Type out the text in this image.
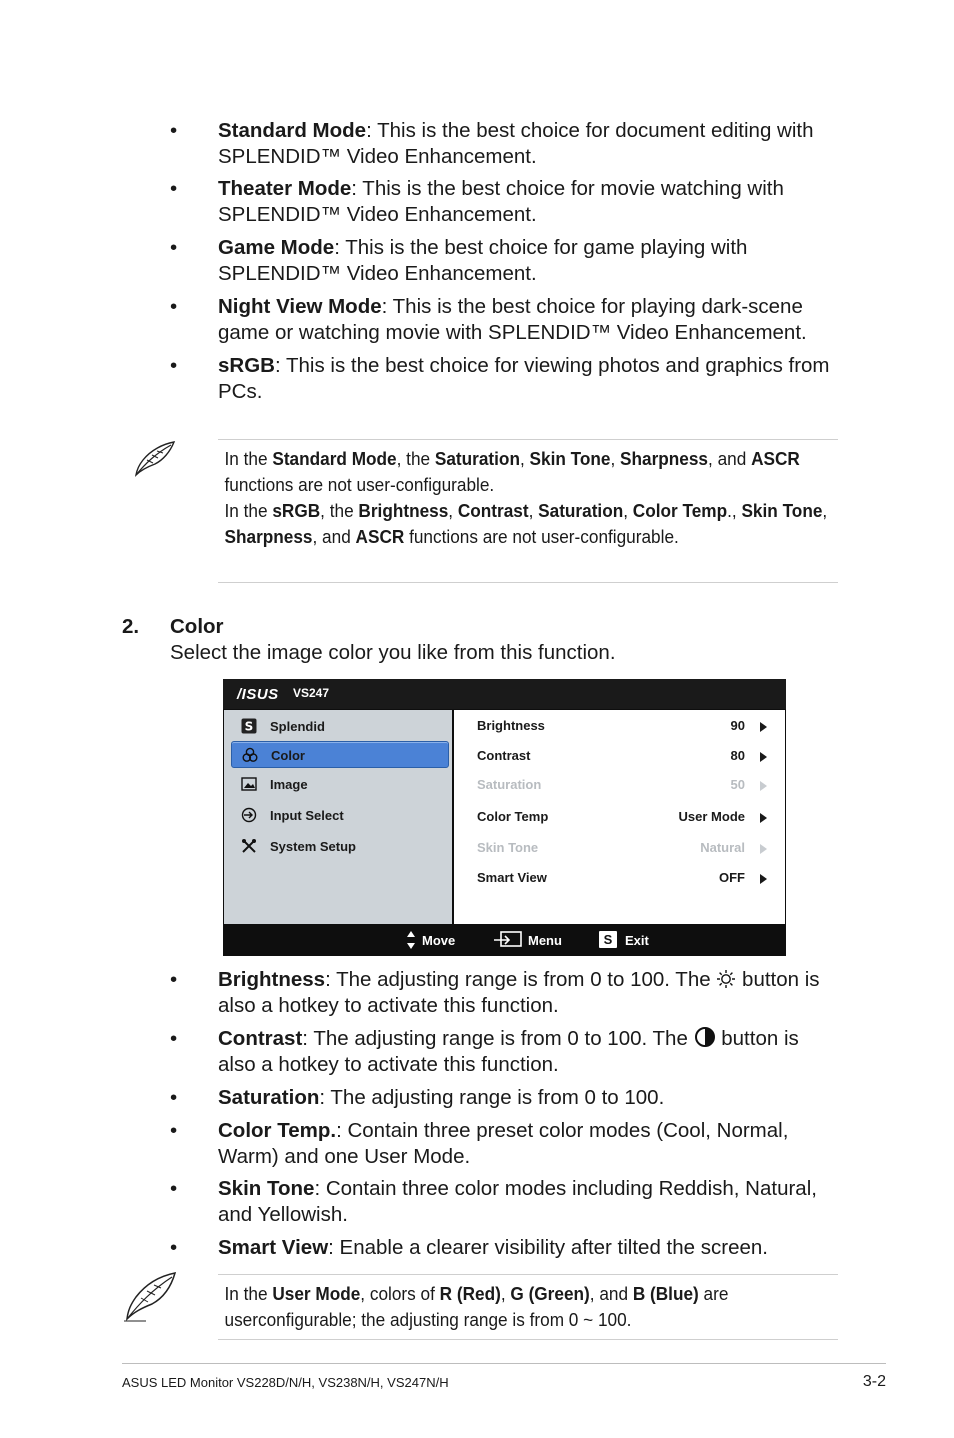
• Standard Mode: This is the best choice for document editing with SPLENDID™ Video Enhancement.
• Theater Mode: This is the best choice for movie watching with SPLENDID™ Video Enhancement.
• Game Mode: This is the best choice for game playing with SPLENDID™ Video Enhancement.
• Night View Mode: This is the best choice for playing dark-scene game or watching movie with SPLENDID™ Video Enhancement.
• sRGB: This is the best choice for viewing photos and graphics from PCs.
In the Standard Mode, the Saturation, Skin Tone, Sharpness, and ASCR functions are not user-configurable.
In the sRGB, the Brightness, Contrast, Saturation, Color Temp., Skin Tone, Sharpness, and ASCR functions are not user-configurable.
2. Color
Select the image color you like from this function.
/ISUS VS247
S Splendid
Color
Image
Input Select
System Setup
Brightness	90
Contrast	80
Saturation	50
Color Temp	User Mode
Skin Tone	Natural
Smart View	OFF
Move	Menu	S Exit
• Brightness: The adjusting range is from 0 to 100. The  button is also a hotkey to activate this function.
• Contrast: The adjusting range is from 0 to 100. The  button is also a hotkey to activate this function.
• Saturation: The adjusting range is from 0 to 100.
• Color Temp.: Contain three preset color modes (Cool, Normal, Warm) and one User Mode.
• Skin Tone: Contain three color modes including Reddish, Natural, and Yellowish.
• Smart View: Enable a clearer visibility after tilted the screen.
In the User Mode, colors of R (Red), G (Green), and B (Blue) are userconfigurable; the adjusting range is from 0 ~ 100.
ASUS LED Monitor VS228D/N/H, VS238N/H, VS247N/H	3-2
